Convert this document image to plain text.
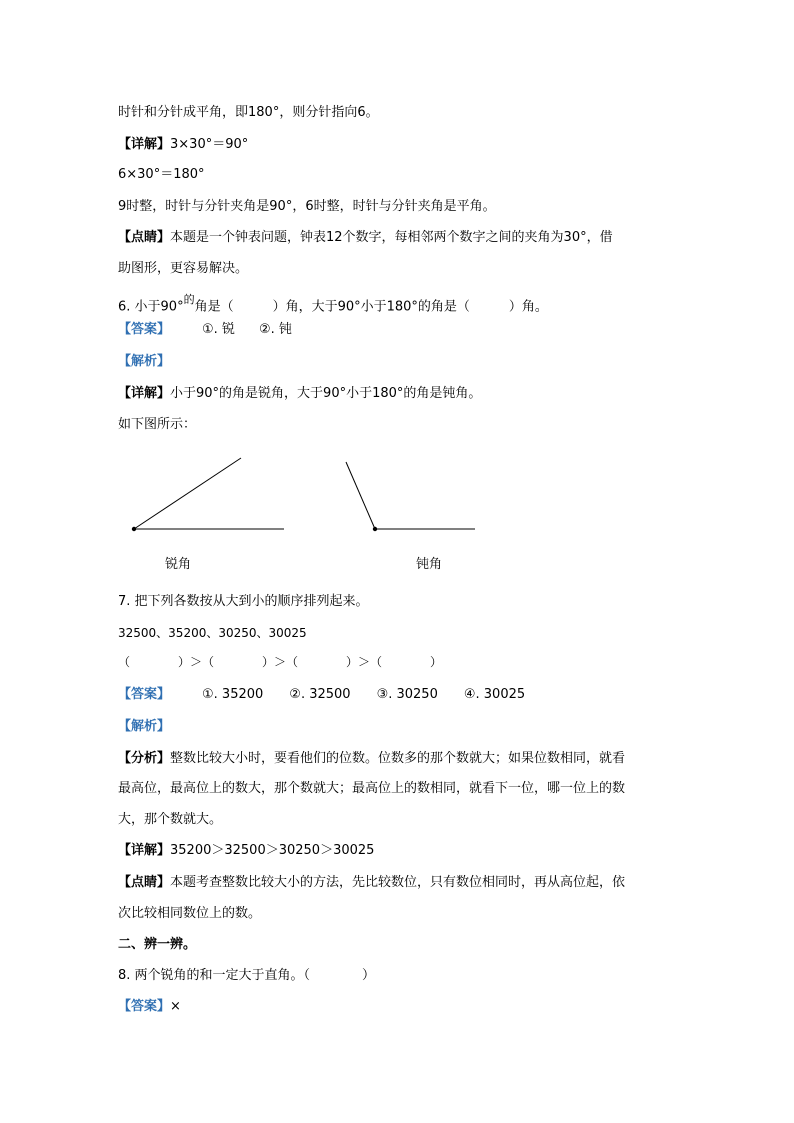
时针和分针成平角，即180°，则分针指向6。
【详解】3×30°＝90°
6×30°＝180°
9时整，时针与分针夹角是90°，6时整，时针与分针夹角是平角。
【点睛】本题是一个钟表问题，钟表12个数字，每相邻两个数字之间的夹角为30°，借
助图形，更容易解决。
6. 小于90°$^的$角是（　　　）角，大于90°小于180°的角是（　　　）角。
【答案】 ①. 锐 ②. 钝
【解析】
【详解】小于90°的角是锐角，大于90°小于180°的角是钝角。
如下图所示：
锐角	钝角
7. 把下列各数按从大到小的顺序排列起来。
32500、35200、30250、30025
（　　　　）＞（　　　　）＞（　　　　）＞（　　　　）
【答案】 ①. 35200 ②. 32500 ③. 30250 ④. 30025
【解析】
【分析】整数比较大小时，要看他们的位数。位数多的那个数就大；如果位数相同，就看
最高位，最高位上的数大，那个数就大；最高位上的数相同，就看下一位，哪一位上的数
大，那个数就大。
【详解】35200＞32500＞30250＞30025
【点睛】本题考查整数比较大小的方法，先比较数位，只有数位相同时，再从高位起，依
次比较相同数位上的数。
二、辨一辨。
8. 两个锐角的和一定大于直角。（　　　　）
【答案】×
